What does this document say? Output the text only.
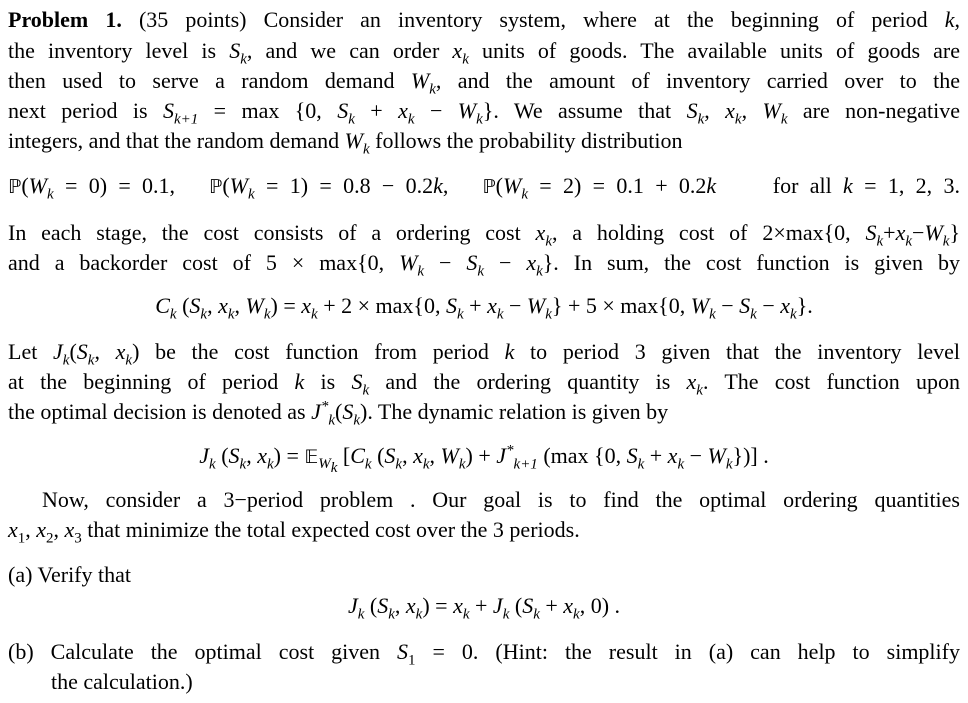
Problem 1. (35 points) Consider an inventory system, where at the beginning of period k,
the inventory level is $S_k$, and we can order $x_k$ units of goods. The available units of goods are
then used to serve a random demand $W_k$, and the amount of inventory carried over to the
next period is $S_{k+1} = \max \{0$, $S_k + x_k - W_k$}. We assume that $S_k$, $x_k$, $W_k$ are non-negative
integers, and that the random demand $W_k$ follows the probability distribution
$ℙ(W_k = 0) = 0.1$,   $ℙ(W_k = 1) = 0.8 - 0.2k$,   $ℙ(W_k = 2) = 0.1 + 0.2k$     for all k = 1, 2, 3.
In each stage, the cost consists of a ordering cost $x_k$, a holding cost of 2×max{0, $S_k+x_k-W_k$}
and a backorder cost of 5 × max{0, $W_k - S_k - x_k$}. In sum, the cost function is given by
$C_k$ ($S_k$, $x_k$, $W_k) = x_k + 2 \times \max\{0$, $S_k + x_k - W_k\} + 5 \times \max\{0$, $W_k - S_k - x_k$}.
Let $J_k(S_k$, $x_k$) be the cost function from period k to period 3 given that the inventory level
at the beginning of period k is $S_k$ and the ordering quantity is $x_k$. The cost function upon
the optimal decision is denoted as $J^*_k(S_k)$. The dynamic relation is given by
$J_k$ ($S_k$, $x_k$) = 𝔼$_{W_k}$ [$C_k$ ($S_k$, $x_k$, $W_k) + J^*_{k+1}$ (max {0, $S_k + x_k - W_k$})] .
Now, consider a 3−period problem . Our goal is to find the optimal ordering quantities
$x_1$, $x_2$, $x_3$ that minimize the total expected cost over the 3 periods.
(a) Verify that
$J_k$ ($S_k$, $x_k) = x_k + J_k$ ($S_k + x_k$, 0) .
(b) Calculate the optimal cost given $S_1 = 0$. (Hint: the result in (a) can help to simplify
the calculation.)
